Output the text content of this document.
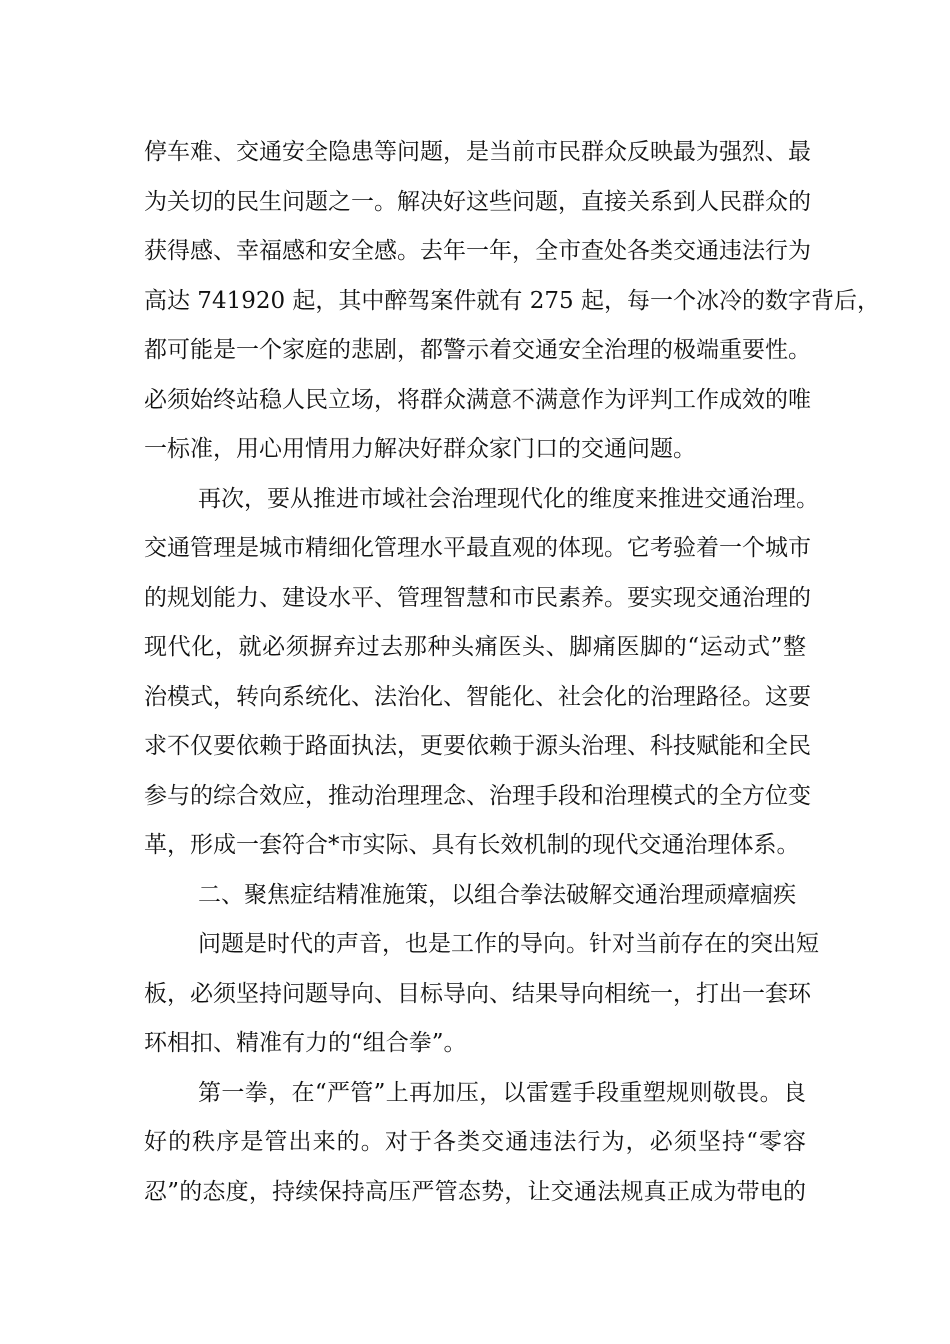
停车难、交通安全隐患等问题，是当前市民群众反映最为强烈、最
为关切的民生问题之一。解决好这些问题，直接关系到人民群众的
获得感、幸福感和安全感。去年一年，全市查处各类交通违法行为
高达 741920 起，其中醉驾案件就有 275 起，每一个冰冷的数字背后，
都可能是一个家庭的悲剧，都警示着交通安全治理的极端重要性。
必须始终站稳人民立场，将群众满意不满意作为评判工作成效的唯
一标准，用心用情用力解决好群众家门口的交通问题。
再次，要从推进市域社会治理现代化的维度来推进交通治理。
交通管理是城市精细化管理水平最直观的体现。它考验着一个城市
的规划能力、建设水平、管理智慧和市民素养。要实现交通治理的
现代化，就必须摒弃过去那种头痛医头、脚痛医脚的“运动式”整
治模式，转向系统化、法治化、智能化、社会化的治理路径。这要
求不仅要依赖于路面执法，更要依赖于源头治理、科技赋能和全民
参与的综合效应，推动治理理念、治理手段和治理模式的全方位变
革，形成一套符合*市实际、具有长效机制的现代交通治理体系。
二、聚焦症结精准施策，以组合拳法破解交通治理顽瘴痼疾
问题是时代的声音，也是工作的导向。针对当前存在的突出短
板，必须坚持问题导向、目标导向、结果导向相统一，打出一套环
环相扣、精准有力的“组合拳”。
第一拳，在“严管”上再加压，以雷霆手段重塑规则敬畏。良
好的秩序是管出来的。对于各类交通违法行为，必须坚持“零容
忍”的态度，持续保持高压严管态势，让交通法规真正成为带电的
